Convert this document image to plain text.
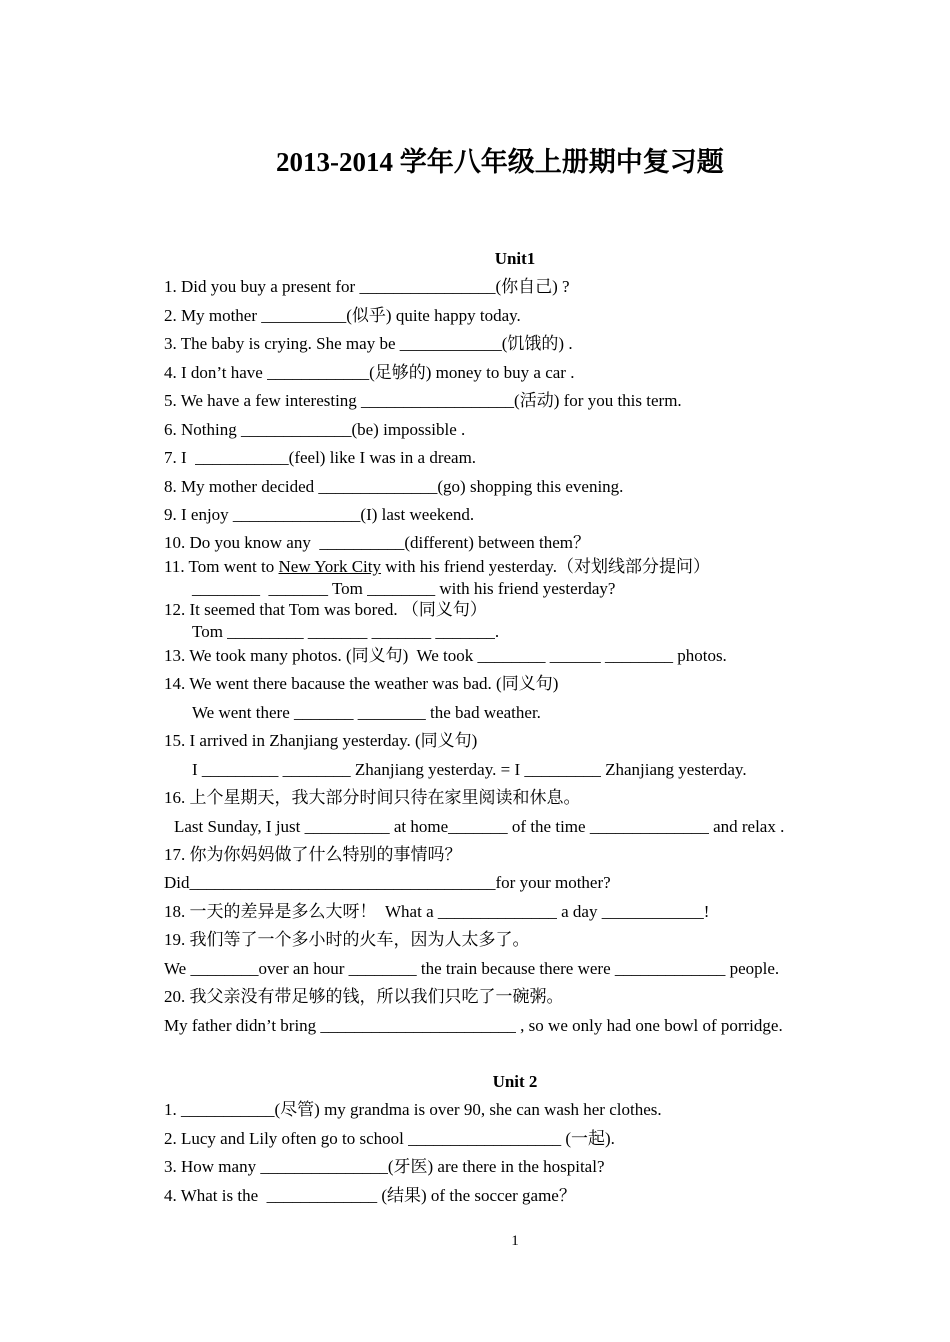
2013-2014 学年八年级上册期中复习题
Unit1
1. Did you buy a present for ________________(你自己) ?
2. My mother __________(似乎) quite happy today.
3. The baby is crying. She may be ____________(饥饿的) .
4. I don’t have ____________(足够的) money to buy a car .
5. We have a few interesting __________________(活动) for you this term.
6. Nothing _____________(be) impossible .
7. I  ___________(feel) like I was in a dream.
8. My mother decided ______________(go) shopping this evening.
9. I enjoy _______________(I) last weekend.
10. Do you know any  __________(different) between them？
11. Tom went to New York City with his friend yesterday.（对划线部分提问）
________  _______ Tom ________ with his friend yesterday?
12. It seemed that Tom was bored. （同义句）
Tom _________ _______ _______ _______.
13. We took many photos. (同义句)  We took ________ ______ ________ photos.
14. We went there bacause the weather was bad. (同义句)
We went there _______ ________ the bad weather.
15. I arrived in Zhanjiang yesterday. (同义句)
I _________ ________ Zhanjiang yesterday. = I _________ Zhanjiang yesterday.
16. 上个星期天，我大部分时间只待在家里阅读和休息。
Last Sunday, I just __________ at home_______ of the time ______________ and relax .
17. 你为你妈妈做了什么特别的事情吗？
Did____________________________________for your mother?
18. 一天的差异是多么大呀！  What a ______________ a day ____________!
19. 我们等了一个多小时的火车，因为人太多了。
We ________over an hour ________ the train because there were _____________ people.
20. 我父亲没有带足够的钱，所以我们只吃了一碗粥。
My father didn’t bring _______________________ , so we only had one bowl of porridge.
Unit 2
1. ___________(尽管) my grandma is over 90, she can wash her clothes.
2. Lucy and Lily often go to school __________________ (一起).
3. How many _______________(牙医) are there in the hospital?
4. What is the  _____________ (结果) of the soccer game？
1
